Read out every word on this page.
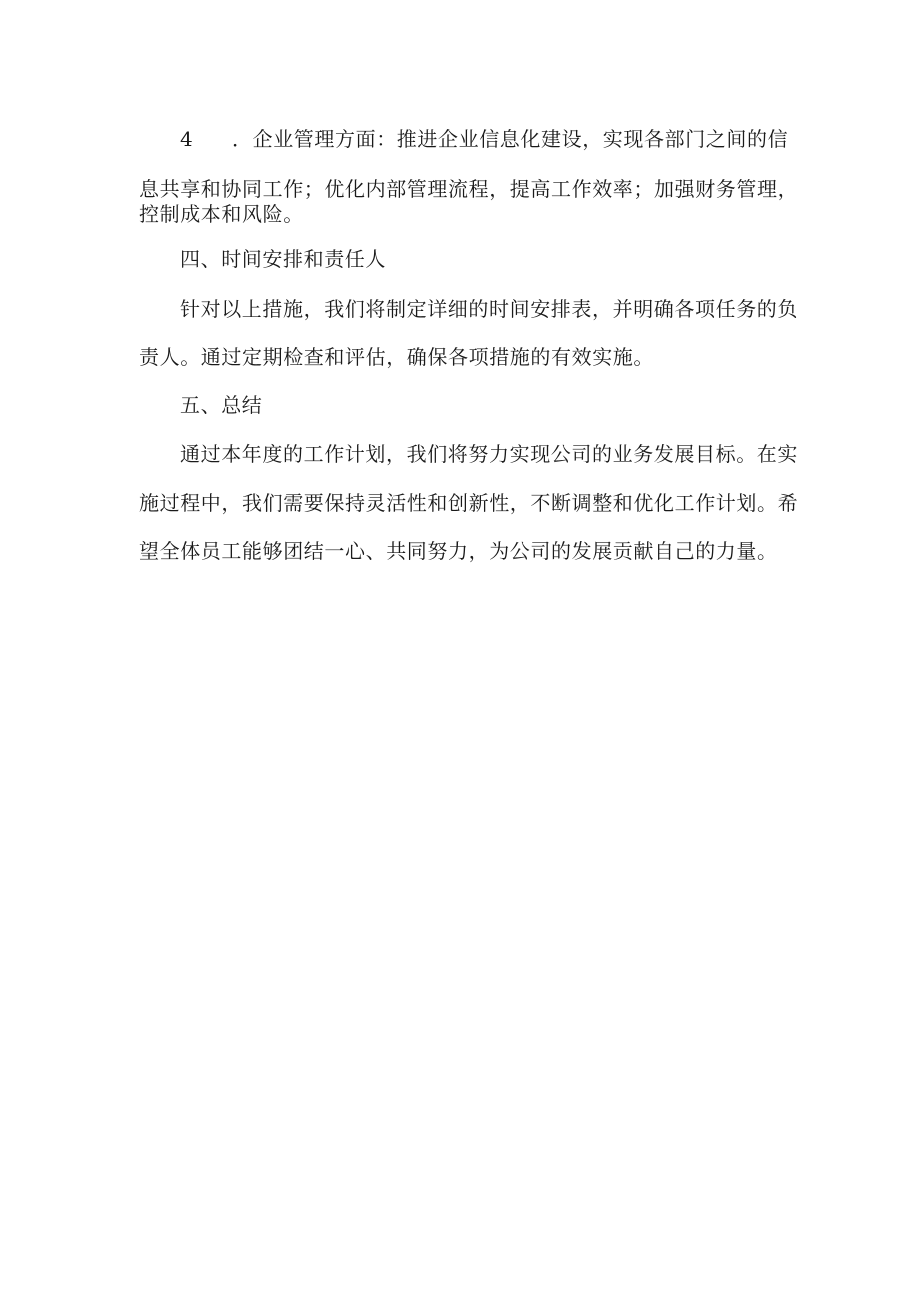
4 ．企业管理方面：推进企业信息化建设，实现各部门之间的信
息共享和协同工作；优化内部管理流程，提高工作效率；加强财务管理，
控制成本和风险。
四、时间安排和责任人
针对以上措施，我们将制定详细的时间安排表，并明确各项任务的负
责人。通过定期检查和评估，确保各项措施的有效实施。
五、总结
通过本年度的工作计划，我们将努力实现公司的业务发展目标。在实
施过程中，我们需要保持灵活性和创新性，不断调整和优化工作计划。希
望全体员工能够团结一心、共同努力，为公司的发展贡献自己的力量。
